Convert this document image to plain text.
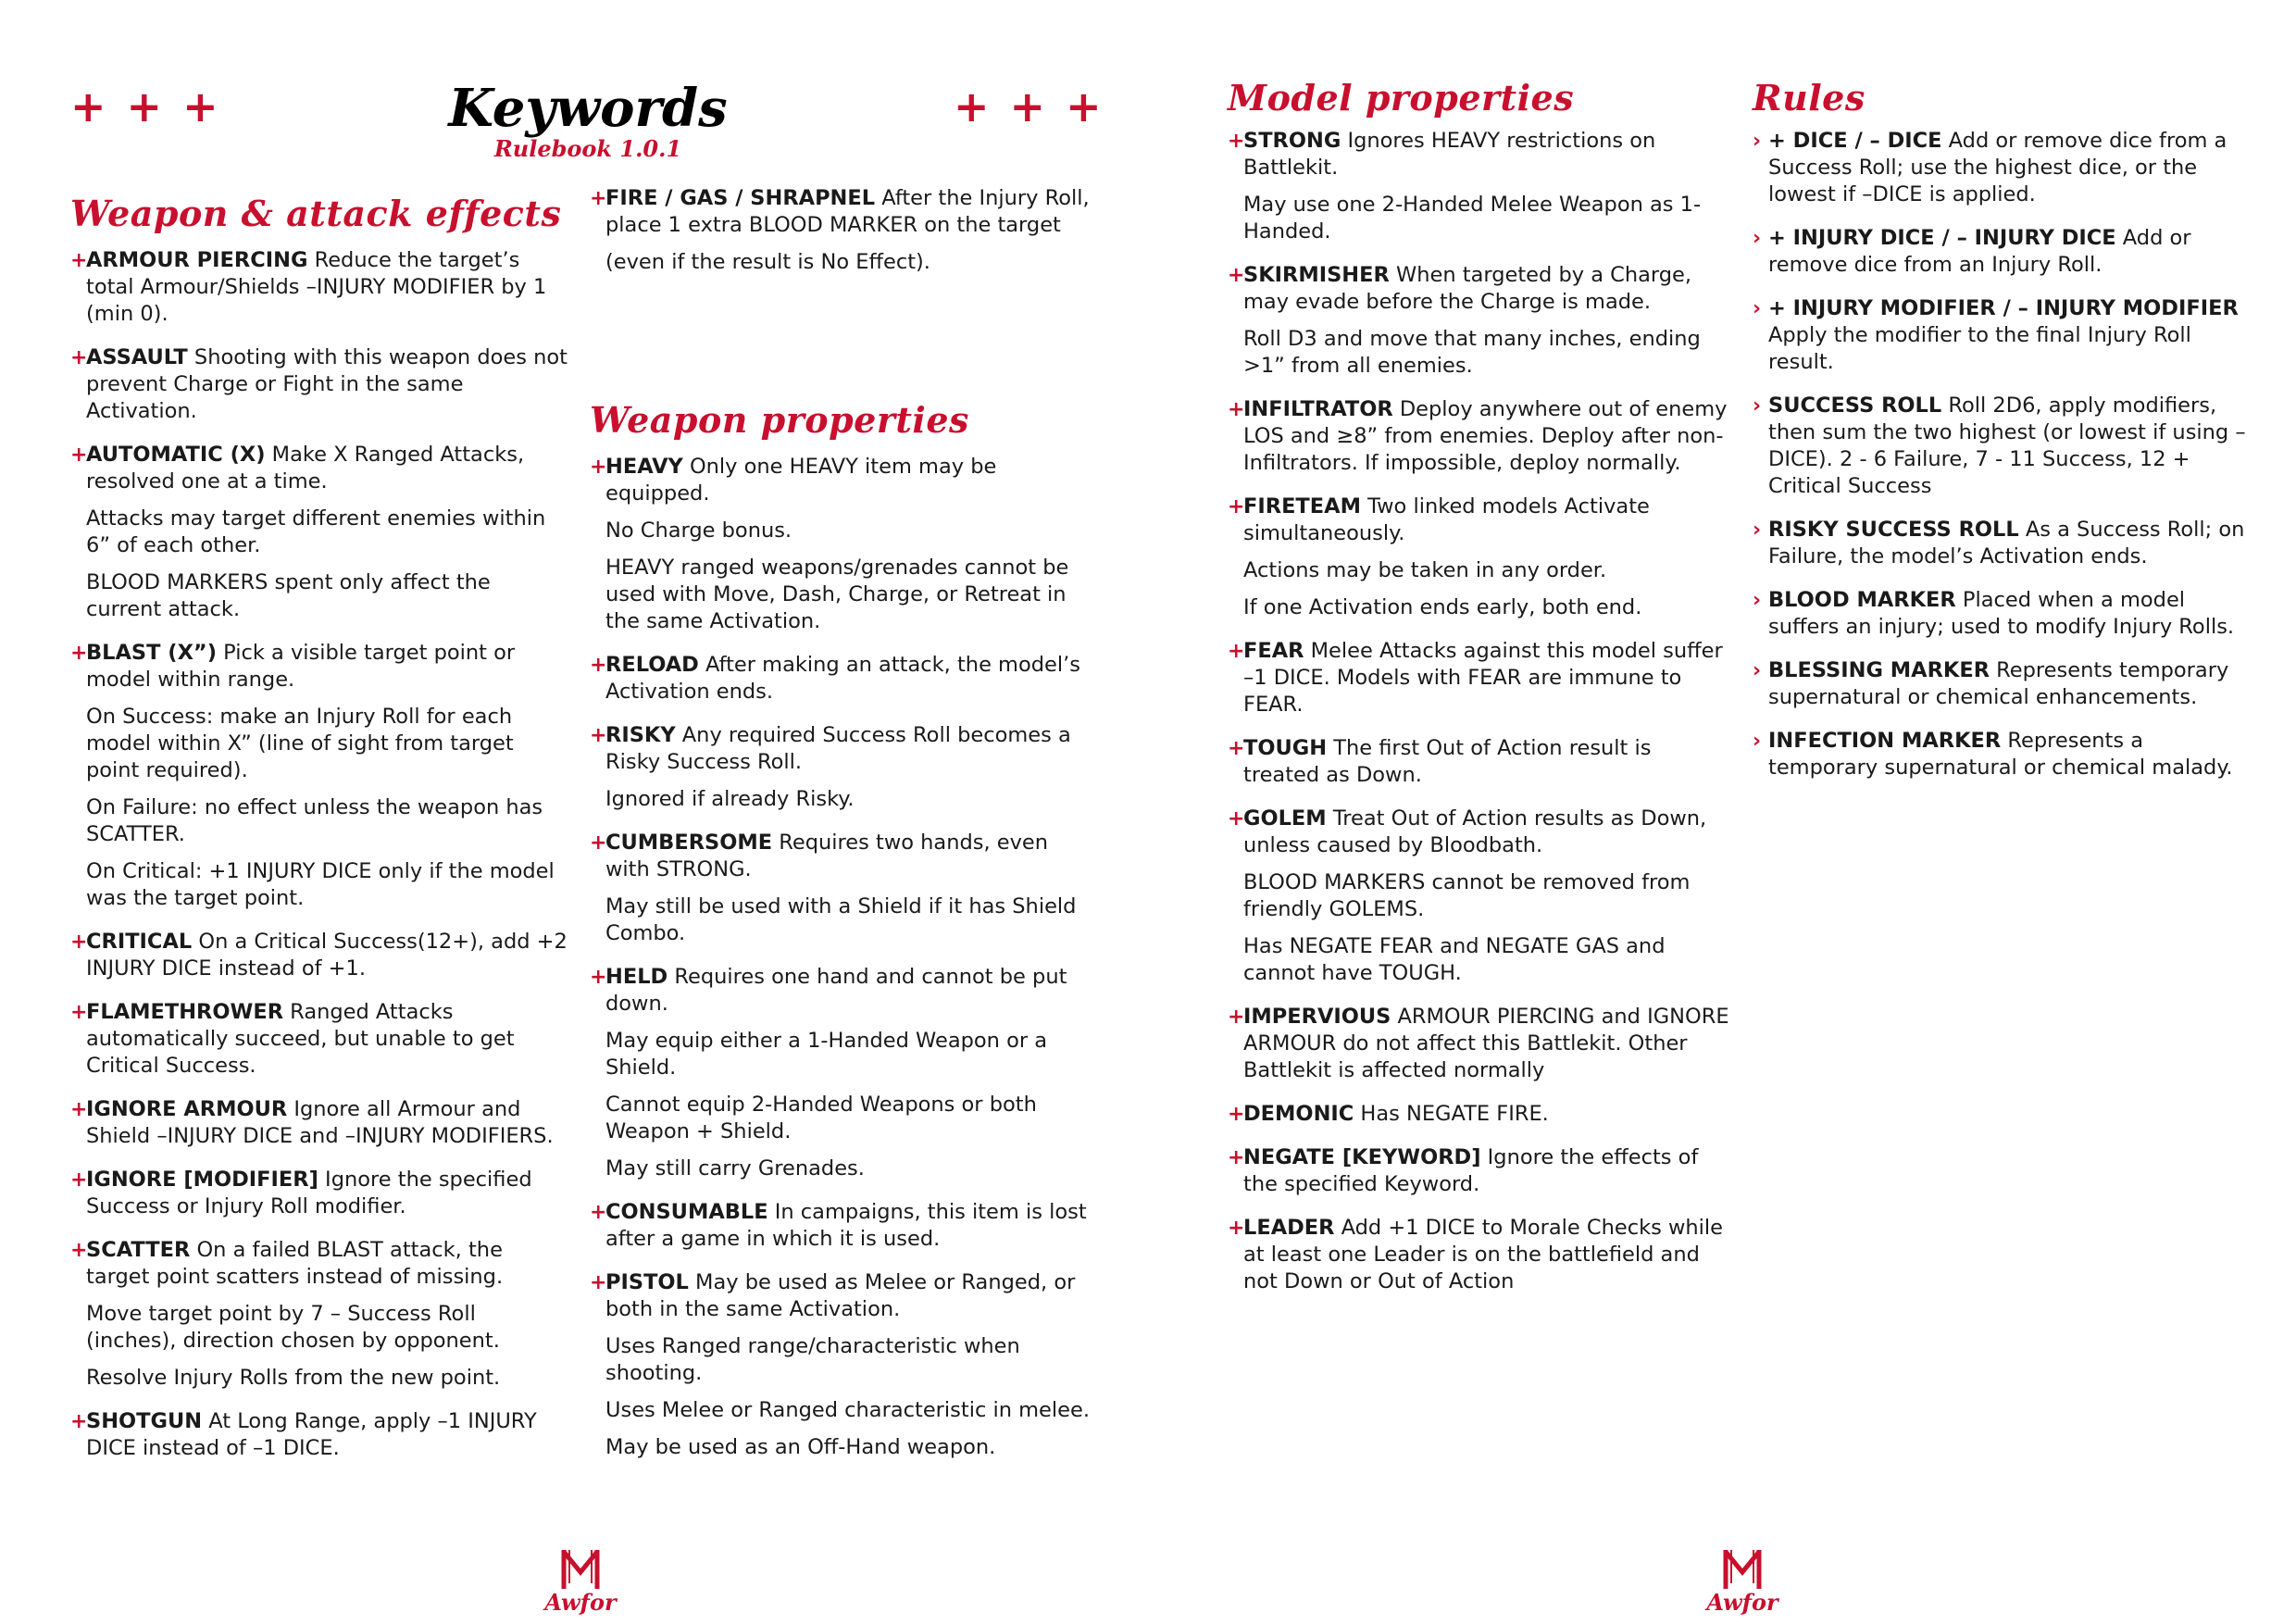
+++	+++
Keywords
Rulebook 1.0.1
Weapon & attack effects
+

ARMOUR PIERCING Reduce the target’s total Armour/Shields –INJURY MODIFIER by 1 (min 0).

+

ASSAULT Shooting with this weapon does not prevent Charge or Fight in the same Activation.

+

AUTOMATIC (X) Make X Ranged Attacks, resolved one at a time.

Attacks may target different enemies within 6” of each other.

BLOOD MARKERS spent only affect the current attack.

+

BLAST (X”) Pick a visible target point or model within range.

On Success: make an Injury Roll for each model within X” (line of sight from target point required).

On Failure: no effect unless the weapon has SCATTER.

On Critical: +1 INJURY DICE only if the model was the target point.

+

CRITICAL On a Critical Success(12+), add +2 INJURY DICE instead of +1.

+

FLAMETHROWER Ranged Attacks automatically succeed, but unable to get Critical Success.

+

IGNORE ARMOUR Ignore all Armour and Shield –INJURY DICE and –INJURY MODIFIERS.

+

IGNORE [MODIFIER] Ignore the specified Success or Injury Roll modifier.

+

SCATTER On a failed BLAST attack, the target point scatters instead of missing.

Move target point by 7 – Success Roll (inches), direction chosen by opponent.

Resolve Injury Rolls from the new point.

+

SHOTGUN At Long Range, apply –1 INJURY DICE instead of –1 DICE.

+

FIRE / GAS / SHRAPNEL After the Injury Roll, place 1 extra BLOOD MARKER on the target

(even if the result is No Effect).

Weapon properties
+

HEAVY Only one HEAVY item may be equipped.

No Charge bonus.

HEAVY ranged weapons/grenades cannot be used with Move, Dash, Charge, or Retreat in the same Activation.

+

RELOAD After making an attack, the model’s Activation ends.

+

RISKY Any required Success Roll becomes a Risky Success Roll.

Ignored if already Risky.

+

CUMBERSOME Requires two hands, even with STRONG.

May still be used with a Shield if it has Shield Combo.

+

HELD Requires one hand and cannot be put down.

May equip either a 1-Handed Weapon or a Shield.

Cannot equip 2-Handed Weapons or both Weapon + Shield.

May still carry Grenades.

+

CONSUMABLE In campaigns, this item is lost after a game in which it is used.

+

PISTOL May be used as Melee or Ranged, or both in the same Activation.

Uses Ranged range/characteristic when shooting.

Uses Melee or Ranged characteristic in melee.

May be used as an Off-Hand weapon.

Model properties
+

STRONG Ignores HEAVY restrictions on Battlekit.

May use one 2-Handed Melee Weapon as 1-Handed.

+

SKIRMISHER When targeted by a Charge, may evade before the Charge is made.

Roll D3 and move that many inches, ending >1” from all enemies.

+

INFILTRATOR Deploy anywhere out of enemy LOS and ≥8” from enemies. Deploy after non-Infiltrators. If impossible, deploy normally.

+

FIRETEAM Two linked models Activate simultaneously.

Actions may be taken in any order.

If one Activation ends early, both end.

+

FEAR Melee Attacks against this model suffer –1 DICE. Models with FEAR are immune to FEAR.

+

TOUGH The first Out of Action result is treated as Down.

+

GOLEM Treat Out of Action results as Down, unless caused by Bloodbath.

BLOOD MARKERS cannot be removed from friendly GOLEMS.

Has NEGATE FEAR and NEGATE GAS and cannot have TOUGH.

+

IMPERVIOUS ARMOUR PIERCING and IGNORE ARMOUR do not affect this Battlekit. Other Battlekit is affected normally

+

DEMONIC Has NEGATE FIRE.

+

NEGATE [KEYWORD] Ignore the effects of the specified Keyword.

+

LEADER Add +1 DICE to Morale Checks while at least one Leader is on the battlefield and not Down or Out of Action

Rules
› + DICE / – DICE Add or remove dice from a Success Roll; use the highest dice, or the lowest if –DICE is applied.

› + INJURY DICE / – INJURY DICE Add or remove dice from an Injury Roll.

› + INJURY MODIFIER / – INJURY MODIFIER Apply the modifier to the final Injury Roll result.

› SUCCESS ROLL Roll 2D6, apply modifiers, then sum the two highest (or lowest if using –DICE). 2 - 6 Failure, 7 - 11 Success, 12 + Critical Success

› RISKY SUCCESS ROLL As a Success Roll; on Failure, the model’s Activation ends.

› BLOOD MARKER Placed when a model suffers an injury; used to modify Injury Rolls.

› BLESSING MARKER Represents temporary supernatural or chemical enhancements.

› INFECTION MARKER Represents a temporary supernatural or chemical malady.

Awfor	Awfor
